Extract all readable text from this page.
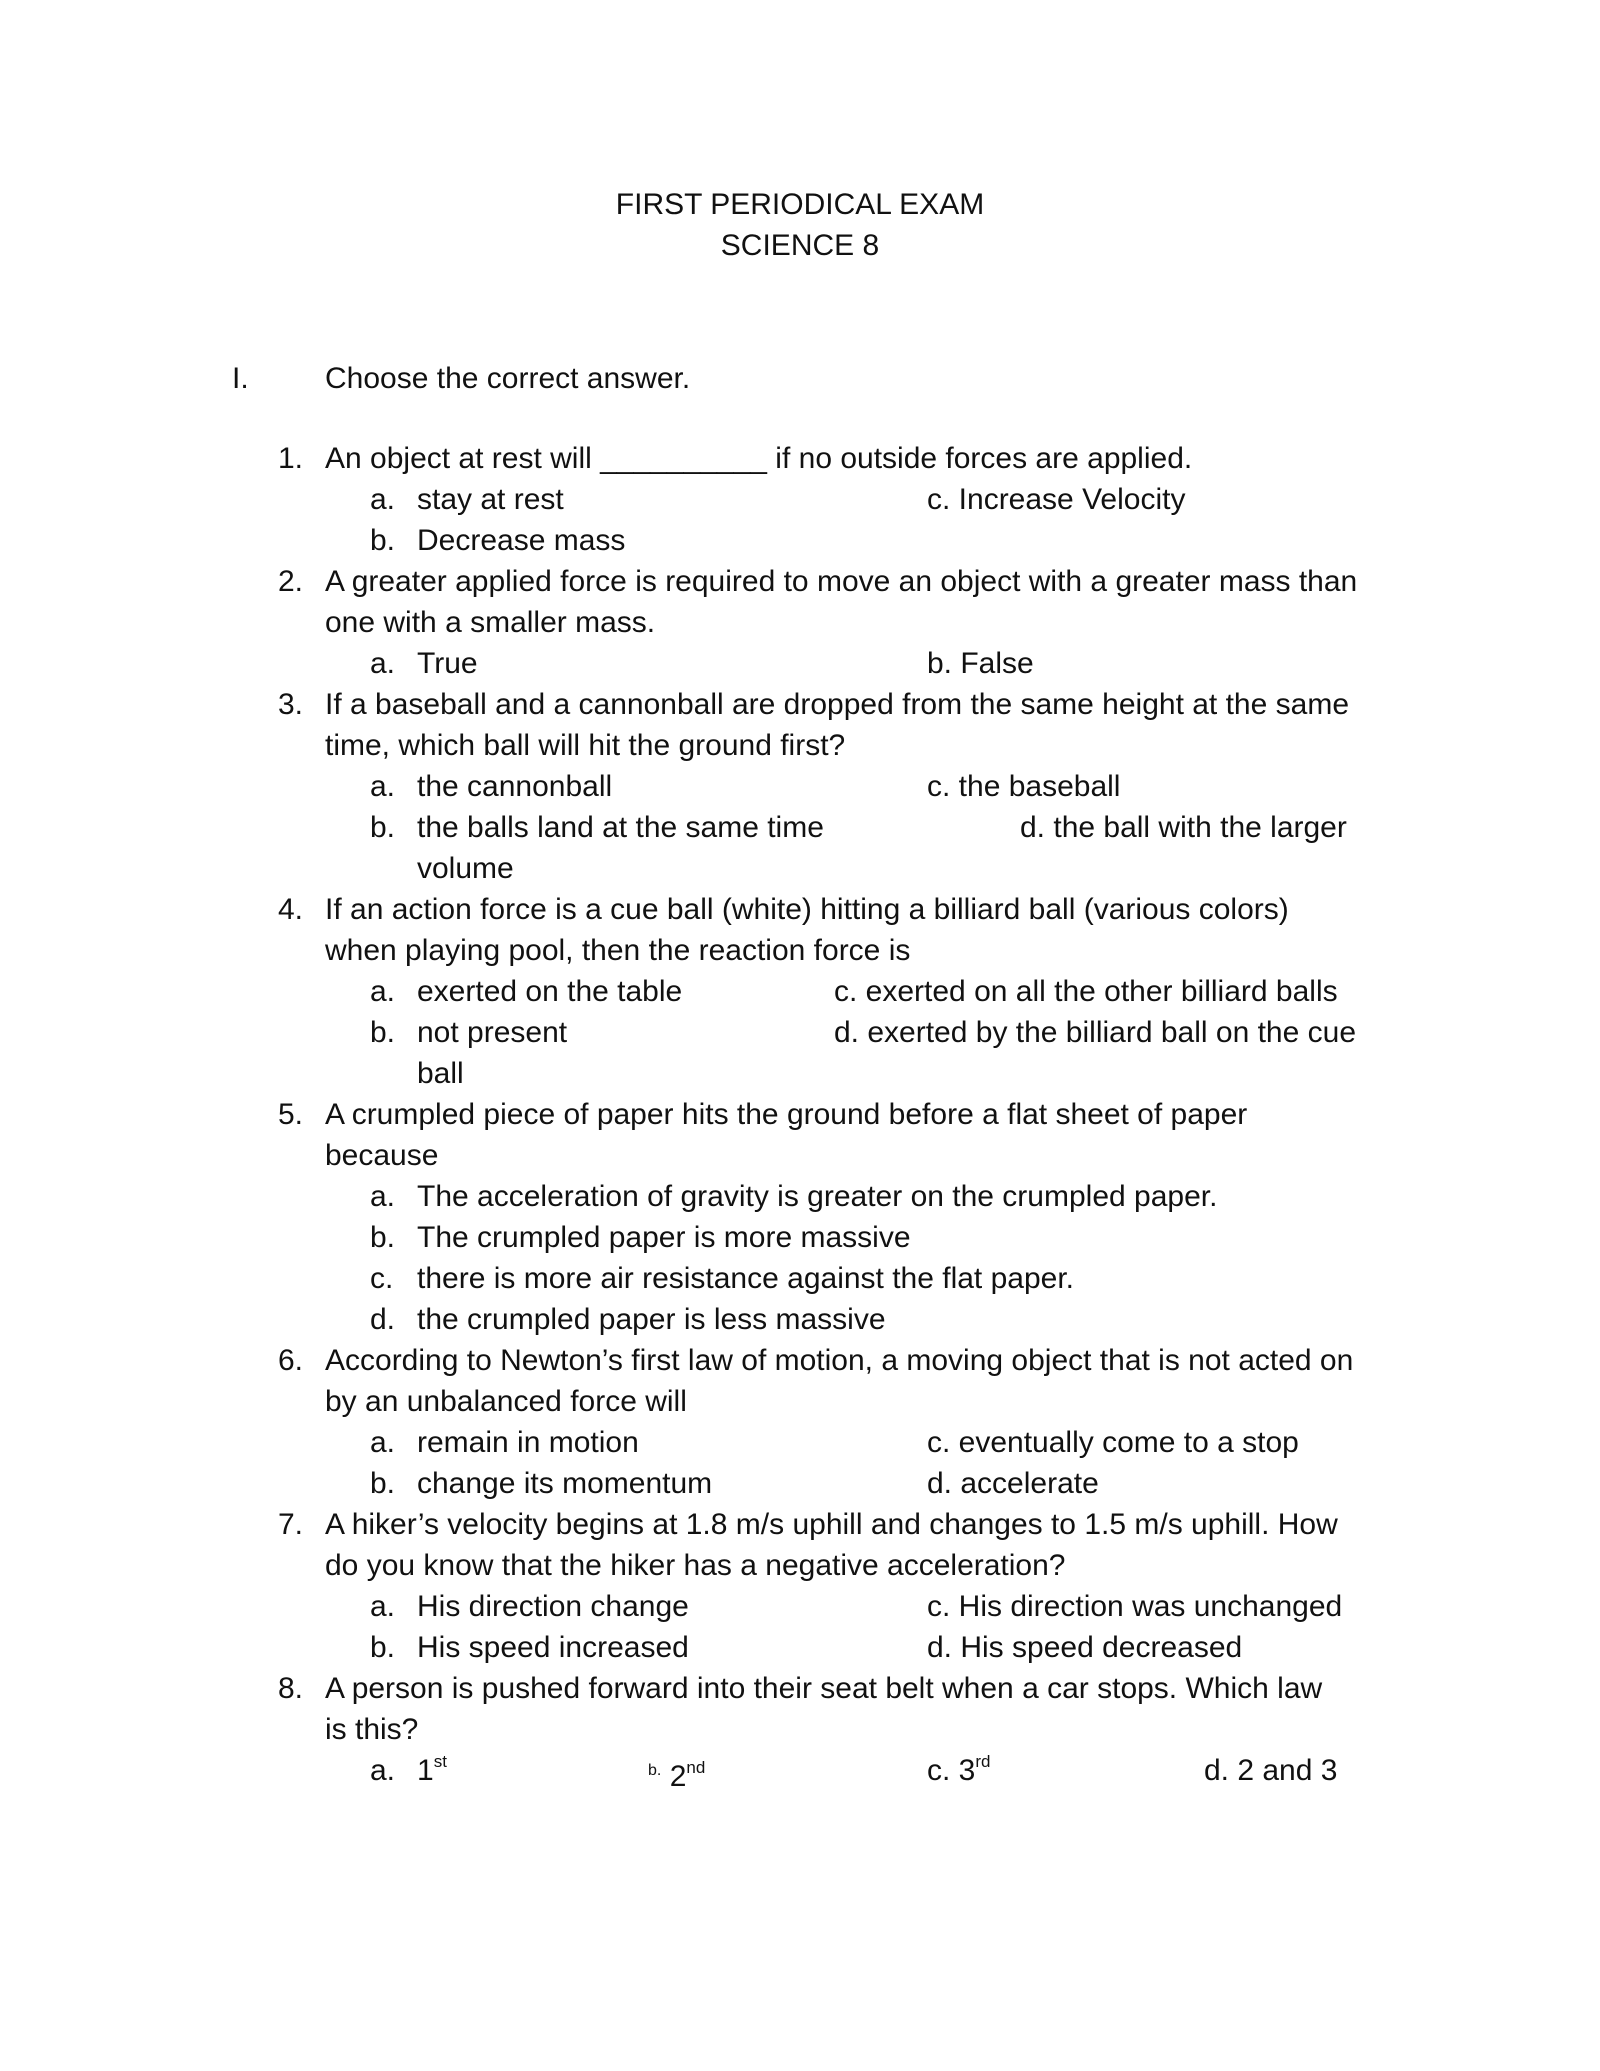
FIRST PERIODICAL EXAM
SCIENCE 8
I.	Choose the correct answer.
1. An object at rest will __________ if no outside forces are applied.
a. stay at rest	c. Increase Velocity
b. Decrease mass
2. A greater applied force is required to move an object with a greater mass than
one with a smaller mass.
a. True	b. False
3. If a baseball and a cannonball are dropped from the same height at the same
time, which ball will hit the ground first?
a. the cannonball	c. the baseball
b. the balls land at the same time	d. the ball with the larger
volume
4. If an action force is a cue ball (white) hitting a billiard ball (various colors)
when playing pool, then the reaction force is
a. exerted on the table	c. exerted on all the other billiard balls
b. not present	d. exerted by the billiard ball on the cue
ball
5. A crumpled piece of paper hits the ground before a flat sheet of paper
because
a. The acceleration of gravity is greater on the crumpled paper.
b. The crumpled paper is more massive
c. there is more air resistance against the flat paper.
d. the crumpled paper is less massive
6. According to Newton’s first law of motion, a moving object that is not acted on
by an unbalanced force will
a. remain in motion	c. eventually come to a stop
b. change its momentum	d. accelerate
7. A hiker’s velocity begins at 1.8 m/s uphill and changes to 1.5 m/s uphill. How
do you know that the hiker has a negative acceleration?
a. His direction change	c. His direction was unchanged
b. His speed increased	d. His speed decreased
8. A person is pushed forward into their seat belt when a car stops. Which law
is this?
a. 1st	$^{b.}$ 2nd	c. 3rd	d. 2 and 3
